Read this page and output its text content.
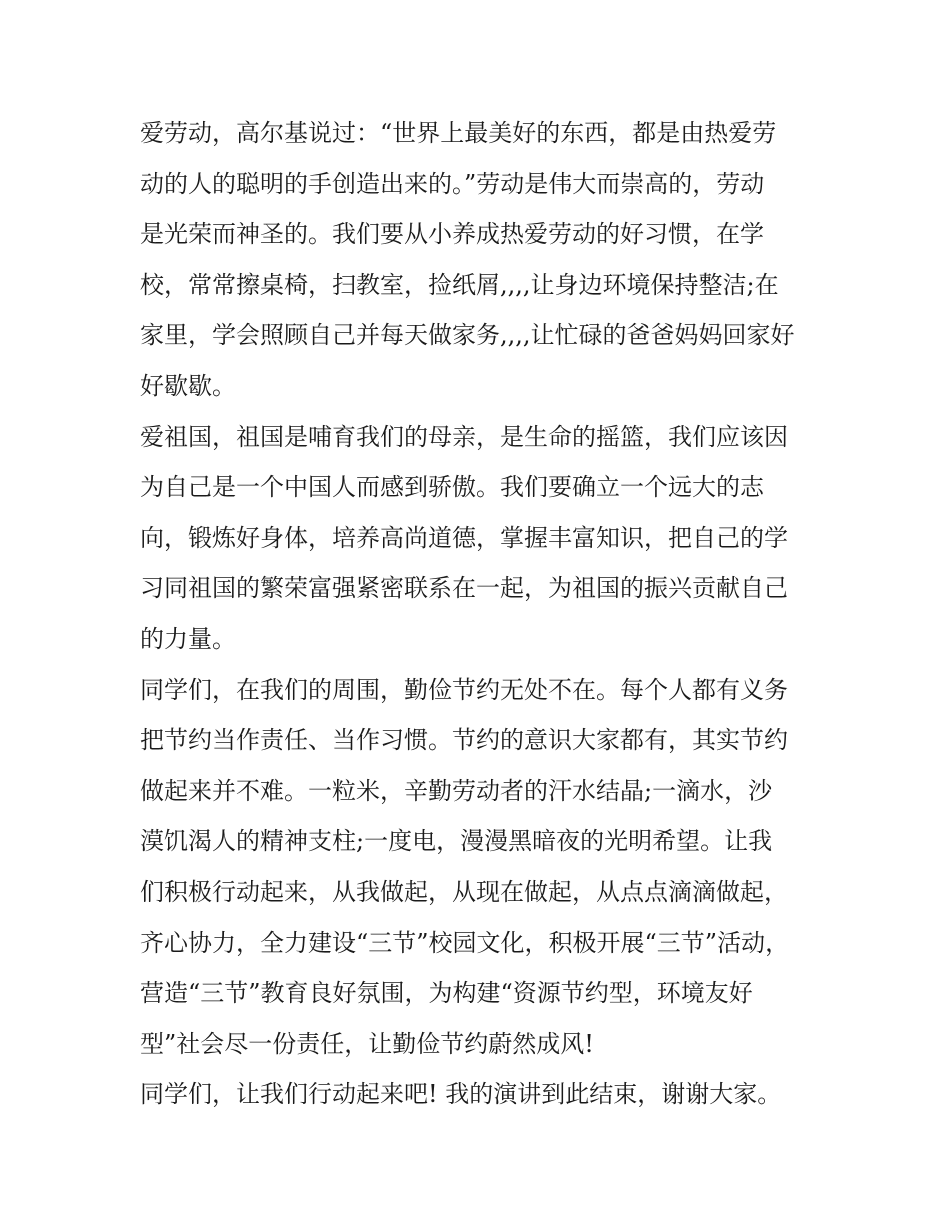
爱劳动，高尔基说过：“世界上最美好的东西，都是由热爱劳
动的人的聪明的手创造出来的。”劳动是伟大而崇高的，劳动
是光荣而神圣的。我们要从小养成热爱劳动的好习惯，在学
校，常常擦桌椅，扫教室，捡纸屑,,,,让身边环境保持整洁;在
家里，学会照顾自己并每天做家务,,,,让忙碌的爸爸妈妈回家好
好歇歇。
爱祖国，祖国是哺育我们的母亲，是生命的摇篮，我们应该因
为自己是一个中国人而感到骄傲。我们要确立一个远大的志
向，锻炼好身体，培养高尚道德，掌握丰富知识，把自己的学
习同祖国的繁荣富强紧密联系在一起，为祖国的振兴贡献自己
的力量。
同学们，在我们的周围，勤俭节约无处不在。每个人都有义务
把节约当作责任、当作习惯。节约的意识大家都有，其实节约
做起来并不难。一粒米，辛勤劳动者的汗水结晶;一滴水，沙
漠饥渴人的精神支柱;一度电，漫漫黑暗夜的光明希望。让我
们积极行动起来，从我做起，从现在做起，从点点滴滴做起，
齐心协力，全力建设“三节”校园文化，积极开展“三节”活动，
营造“三节”教育良好氛围，为构建“资源节约型，环境友好
型”社会尽一份责任，让勤俭节约蔚然成风!
同学们，让我们行动起来吧! 我的演讲到此结束，谢谢大家。
